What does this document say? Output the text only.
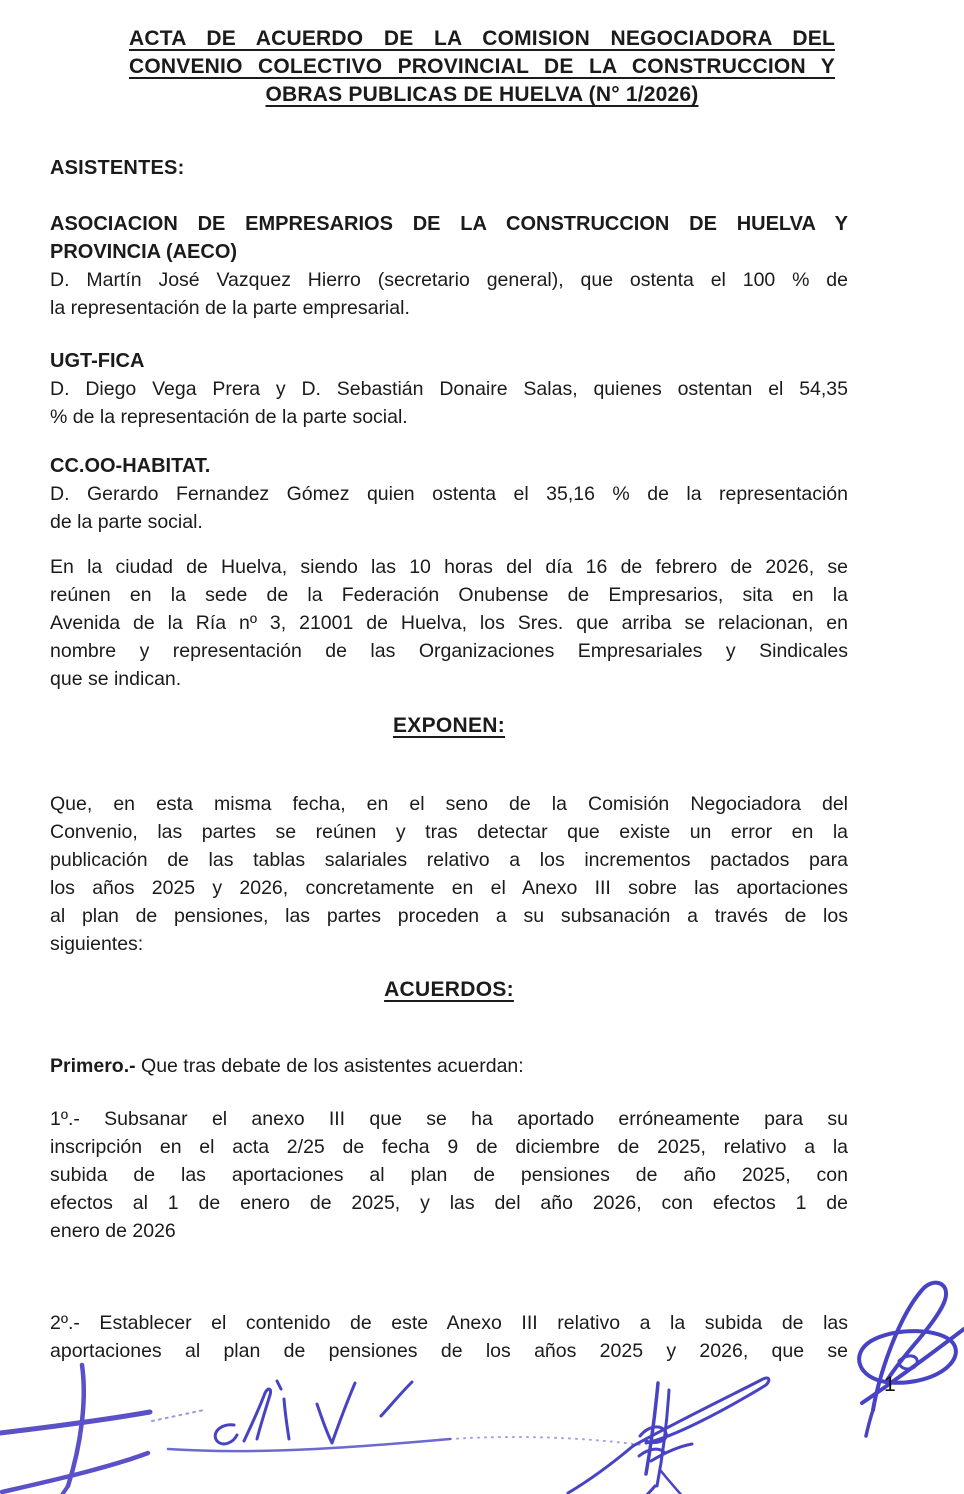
ACTA DE ACUERDO DE LA COMISION NEGOCIADORA DEL
CONVENIO COLECTIVO PROVINCIAL DE LA CONSTRUCCION Y
OBRAS PUBLICAS DE HUELVA (N° 1/2026)
ASISTENTES:
ASOCIACION DE EMPRESARIOS DE LA CONSTRUCCION DE HUELVA Y
PROVINCIA (AECO)
D. Martín José Vazquez Hierro (secretario general), que ostenta el 100 % de
la representación de la parte empresarial.
UGT-FICA
D. Diego Vega Prera y D. Sebastián Donaire Salas, quienes ostentan el 54,35
% de la representación de la parte social.
CC.OO-HABITAT.
D. Gerardo Fernandez Gómez quien ostenta el 35,16 % de la representación
de la parte social.
En la ciudad de Huelva, siendo las 10 horas del día 16 de febrero de 2026, se
reúnen en la sede de la Federación Onubense de Empresarios, sita en la
Avenida de la Ría nº 3, 21001 de Huelva, los Sres. que arriba se relacionan, en
nombre y representación de las Organizaciones Empresariales y Sindicales
que se indican.
EXPONEN:
Que, en esta misma fecha, en el seno de la Comisión Negociadora del
Convenio, las partes se reúnen y tras detectar que existe un error en la
publicación de las tablas salariales relativo a los incrementos pactados para
los años 2025 y 2026, concretamente en el Anexo III sobre las aportaciones
al plan de pensiones, las partes proceden a su subsanación a través de los
siguientes:
ACUERDOS:
Primero.- Que tras debate de los asistentes acuerdan:
1º.- Subsanar el anexo III que se ha aportado erróneamente para su
inscripción en el acta 2/25 de fecha 9 de diciembre de 2025, relativo a la
subida de las aportaciones al plan de pensiones de año 2025, con
efectos al 1 de enero de 2025, y las del año 2026, con efectos 1 de
enero de 2026
2º.- Establecer el contenido de este Anexo III relativo a la subida de las
aportaciones al plan de pensiones de los años 2025 y 2026, que se
1
